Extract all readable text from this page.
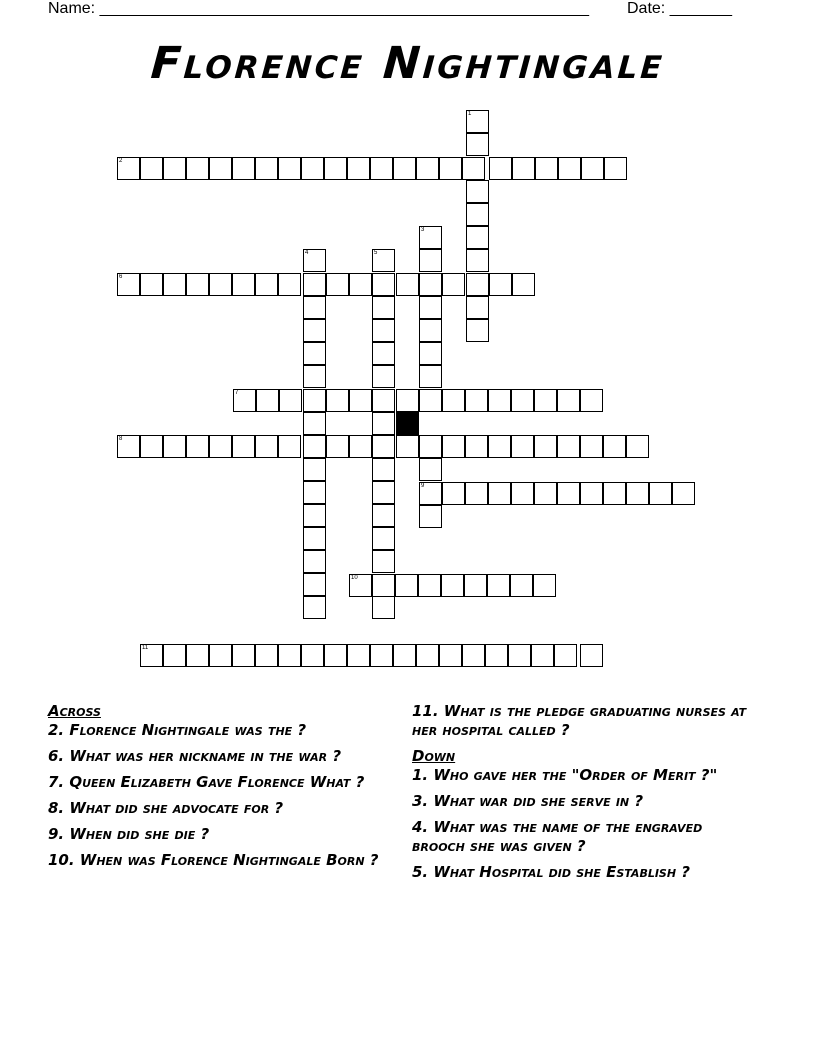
Name: _______________________________________________________ Date: _______
Florence Nightingale
1
2
3
4	5
6
7
8
9
10
11
Across
2. Florence Nightingale was the ?
6. What was her nickname in the war ?
7. Queen Elizabeth Gave Florence What ?
8. What did she advocate for ?
9. When did she die ?
10. When was Florence Nightingale Born ?
11. What is the pledge graduating nurses at her hospital called ?
Down
1. Who gave her the "Order of Merit ?"
3. What war did she serve in ?
4. What was the name of the engraved brooch she was given ?
5. What Hospital did she Establish ?
